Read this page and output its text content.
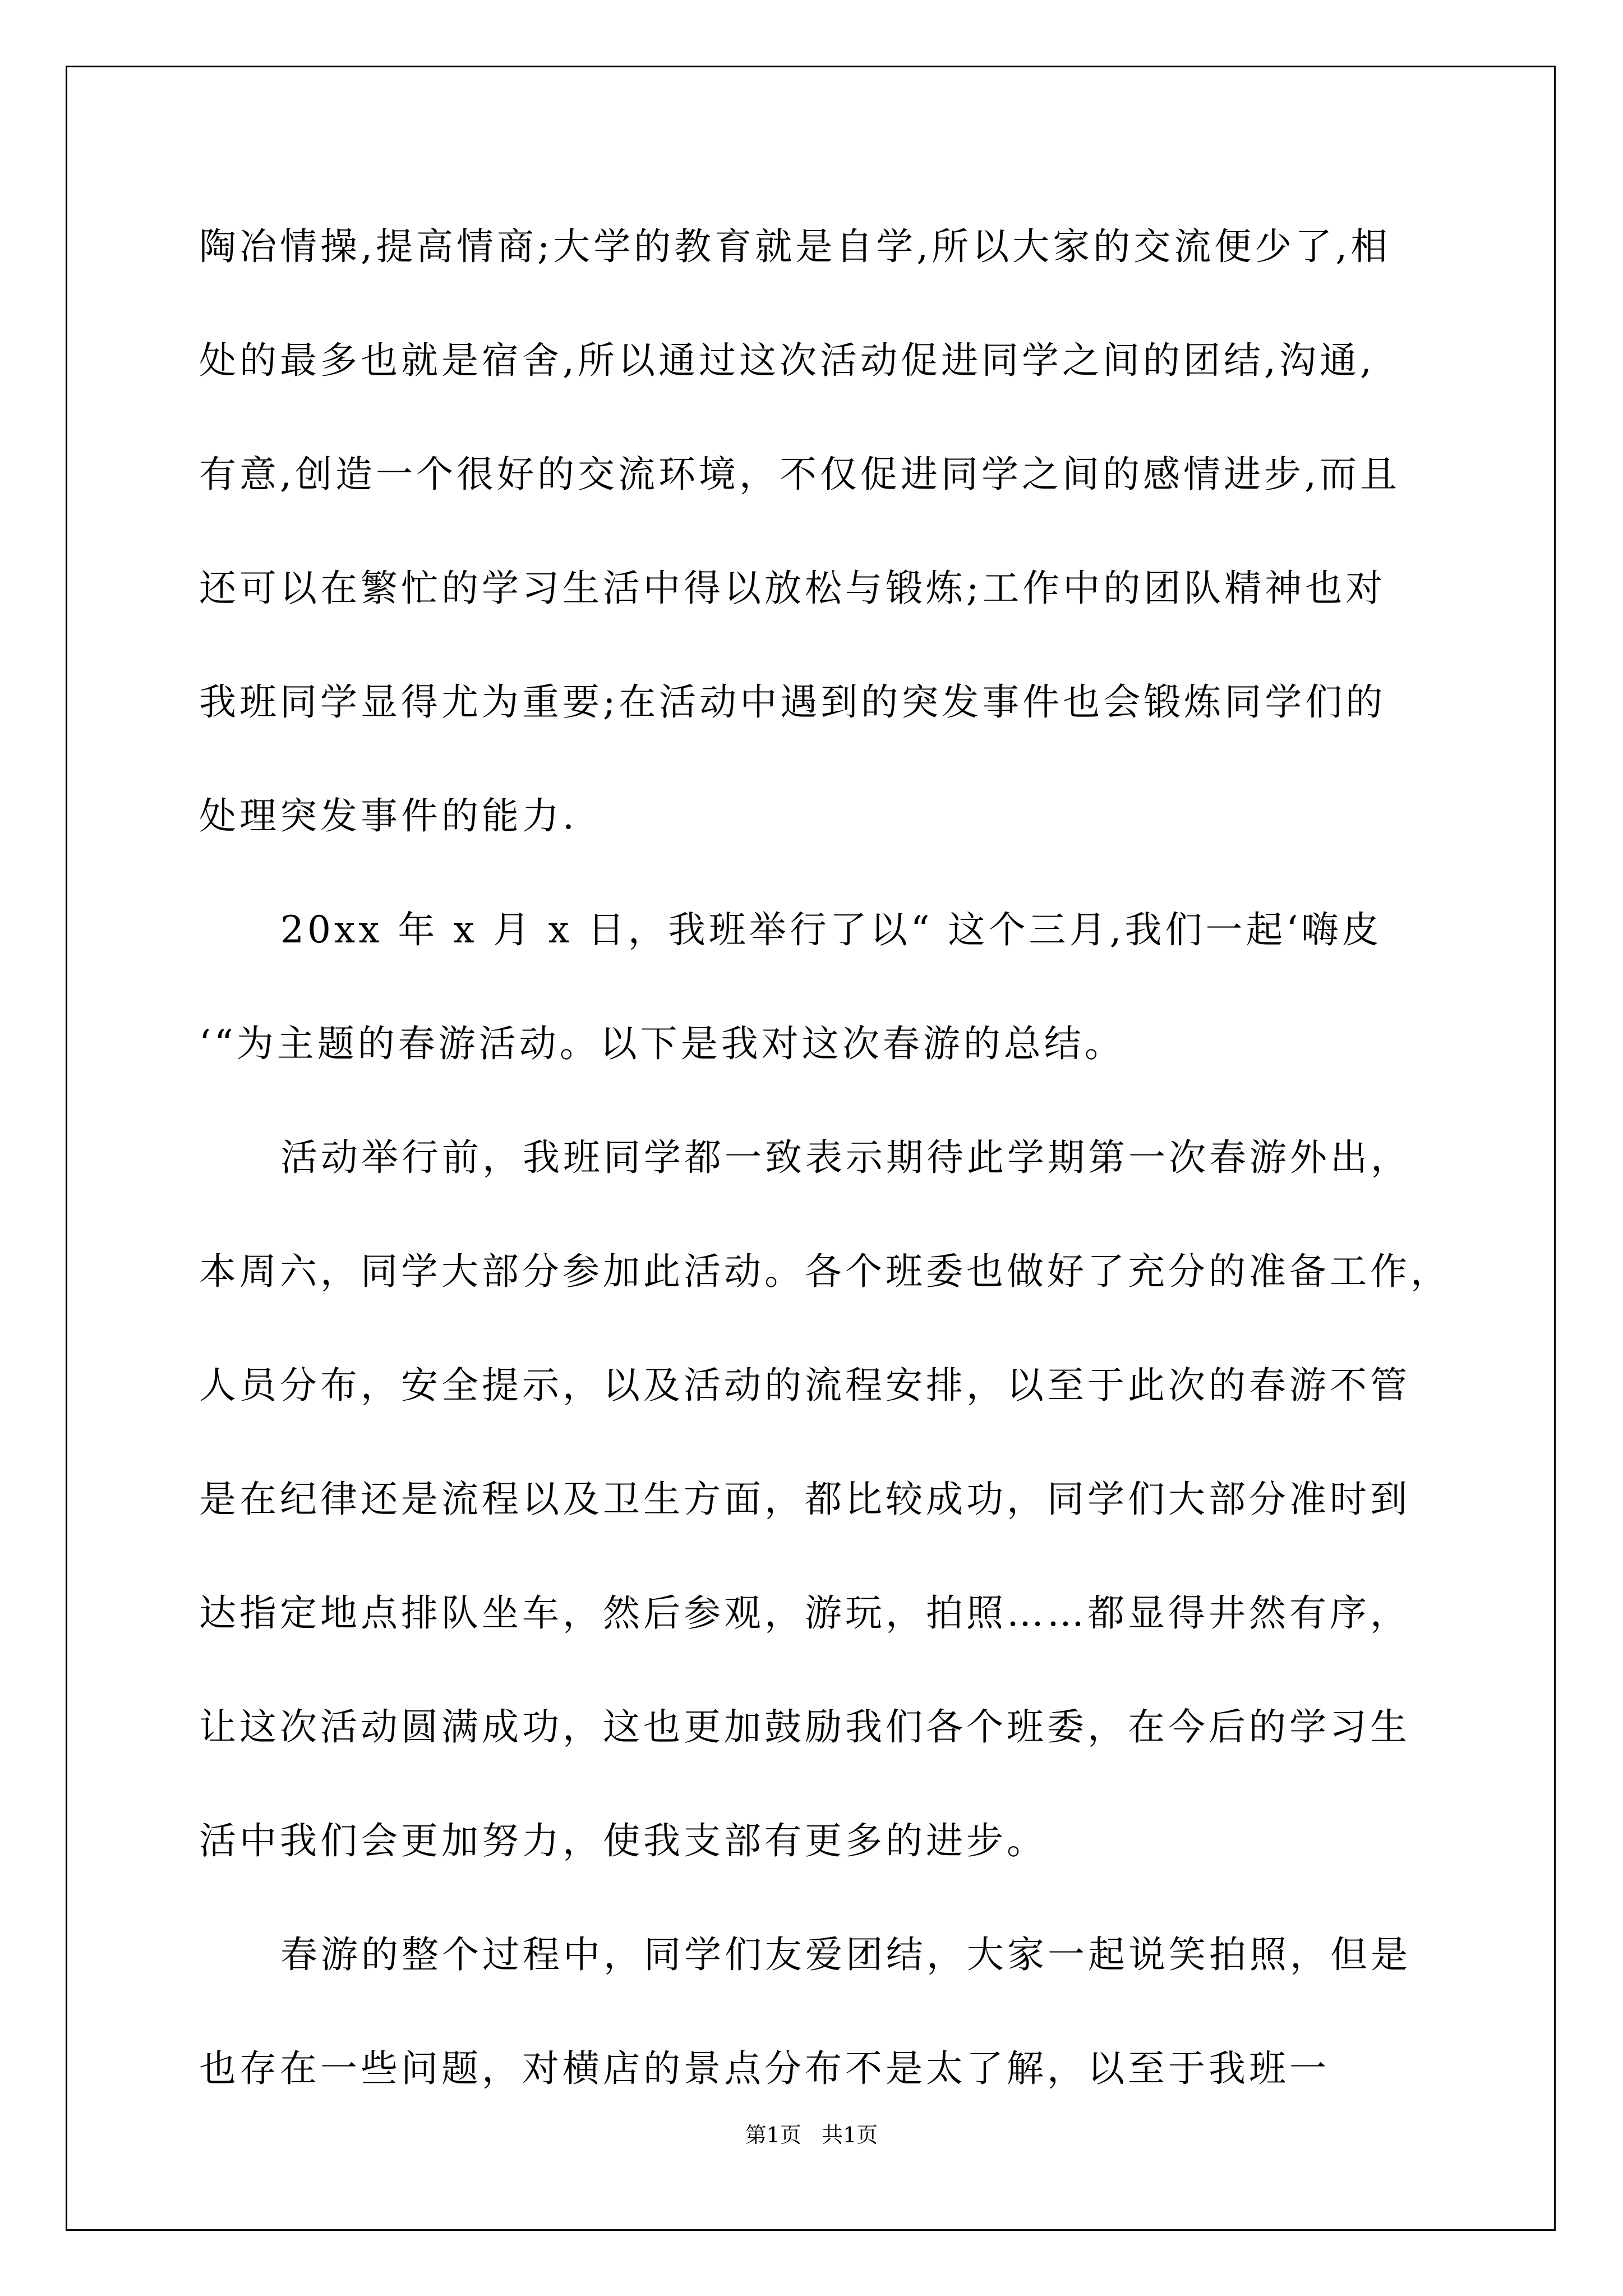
陶冶情操,提高情商;大学的教育就是自学,所以大家的交流便少了,相
处的最多也就是宿舍,所以通过这次活动促进同学之间的团结,沟通,
有意,创造一个很好的交流环境，不仅促进同学之间的感情进步,而且
还可以在繁忙的学习生活中得以放松与锻炼;工作中的团队精神也对
我班同学显得尤为重要;在活动中遇到的突发事件也会锻炼同学们的
处理突发事件的能力.
20xx 年 x 月 x 日，我班举行了以“ 这个三月,我们一起‘嗨皮
‘“为主题的春游活动。以下是我对这次春游的总结。
活动举行前，我班同学都一致表示期待此学期第一次春游外出，
本周六，同学大部分参加此活动。各个班委也做好了充分的准备工作，
人员分布，安全提示，以及活动的流程安排，以至于此次的春游不管
是在纪律还是流程以及卫生方面，都比较成功，同学们大部分准时到
达指定地点排队坐车，然后参观，游玩，拍照……都显得井然有序，
让这次活动圆满成功，这也更加鼓励我们各个班委，在今后的学习生
活中我们会更加努力，使我支部有更多的进步。
春游的整个过程中，同学们友爱团结，大家一起说笑拍照，但是
也存在一些问题，对横店的景点分布不是太了解，以至于我班一
第1页   共1页
